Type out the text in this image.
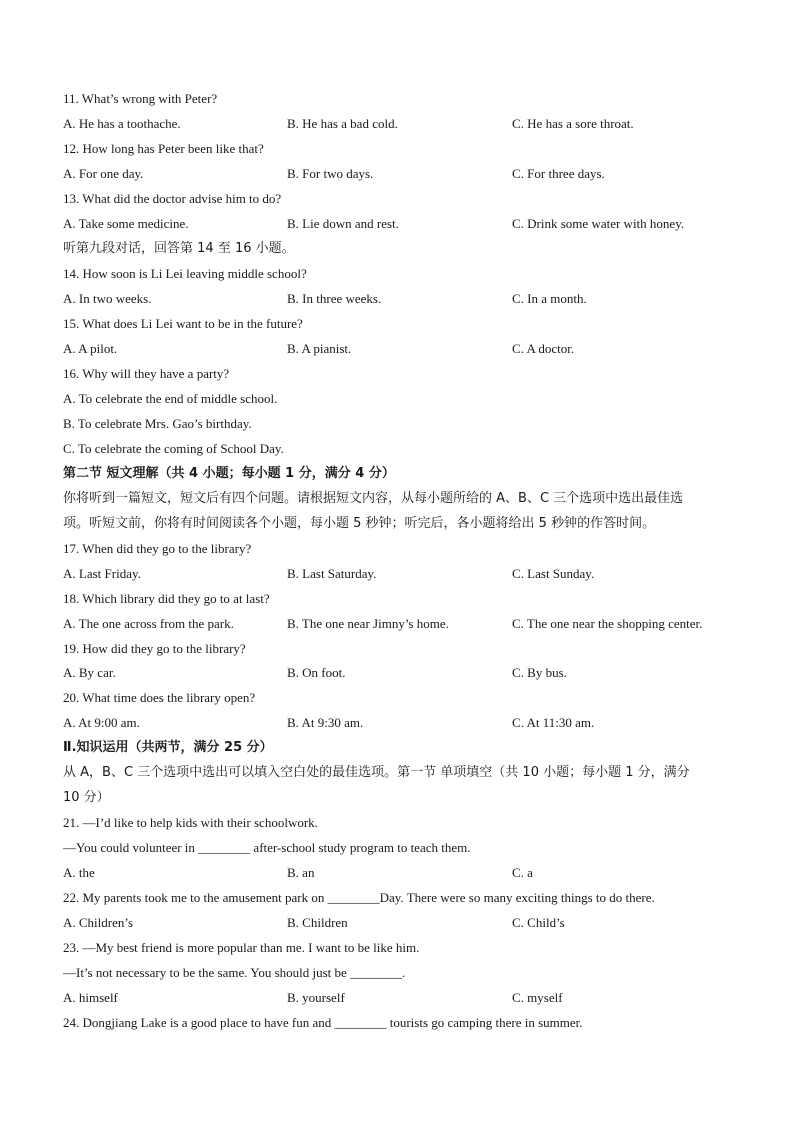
11. What’s wrong with Peter?
A. He has a toothache.	B. He has a bad cold.	C. He has a sore throat.
12. How long has Peter been like that?
A. For one day.	B. For two days.	C. For three days.
13. What did the doctor advise him to do?
A. Take some medicine.	B. Lie down and rest.	C. Drink some water with honey.
听第九段对话，回答第 14 至 16 小题。
14. How soon is Li Lei leaving middle school?
A. In two weeks.	B. In three weeks.	C. In a month.
15. What does Li Lei want to be in the future?
A. A pilot.	B. A pianist.	C. A doctor.
16. Why will they have a party?
A. To celebrate the end of middle school.
B. To celebrate Mrs. Gao’s birthday.
C. To celebrate the coming of School Day.
第二节 短文理解（共 4 小题；每小题 1 分，满分 4 分）
你将听到一篇短文，短文后有四个问题。请根据短文内容，从每小题所给的 A、B、C 三个选项中选出最佳选
项。听短文前，你将有时间阅读各个小题，每小题 5 秒钟；听完后，各小题将给出 5 秒钟的作答时间。
17. When did they go to the library?
A. Last Friday.	B. Last Saturday.	C. Last Sunday.
18. Which library did they go to at last?
A. The one across from the park.	B. The one near Jimny’s home.	C. The one near the shopping center.
19. How did they go to the library?
A. By car.	B. On foot.	C. By bus.
20. What time does the library open?
A. At 9:00 am.	B. At 9:30 am.	C. At 11:30 am.
Ⅱ.知识运用（共两节，满分 25 分）
从 A，B、C 三个选项中选出可以填入空白处的最佳选项。第一节 单项填空（共 10 小题；每小题 1 分，满分
10 分）
21. —I’d like to help kids with their schoolwork.
—You could volunteer in ________ after-school study program to teach them.
A. the	B. an	C. a
22. My parents took me to the amusement park on ________Day. There were so many exciting things to do there.
A. Children’s	B. Children	C. Child’s
23. —My best friend is more popular than me. I want to be like him.
—It’s not necessary to be the same. You should just be ________.
A. himself	B. yourself	C. myself
24. Dongjiang Lake is a good place to have fun and ________ tourists go camping there in summer.
